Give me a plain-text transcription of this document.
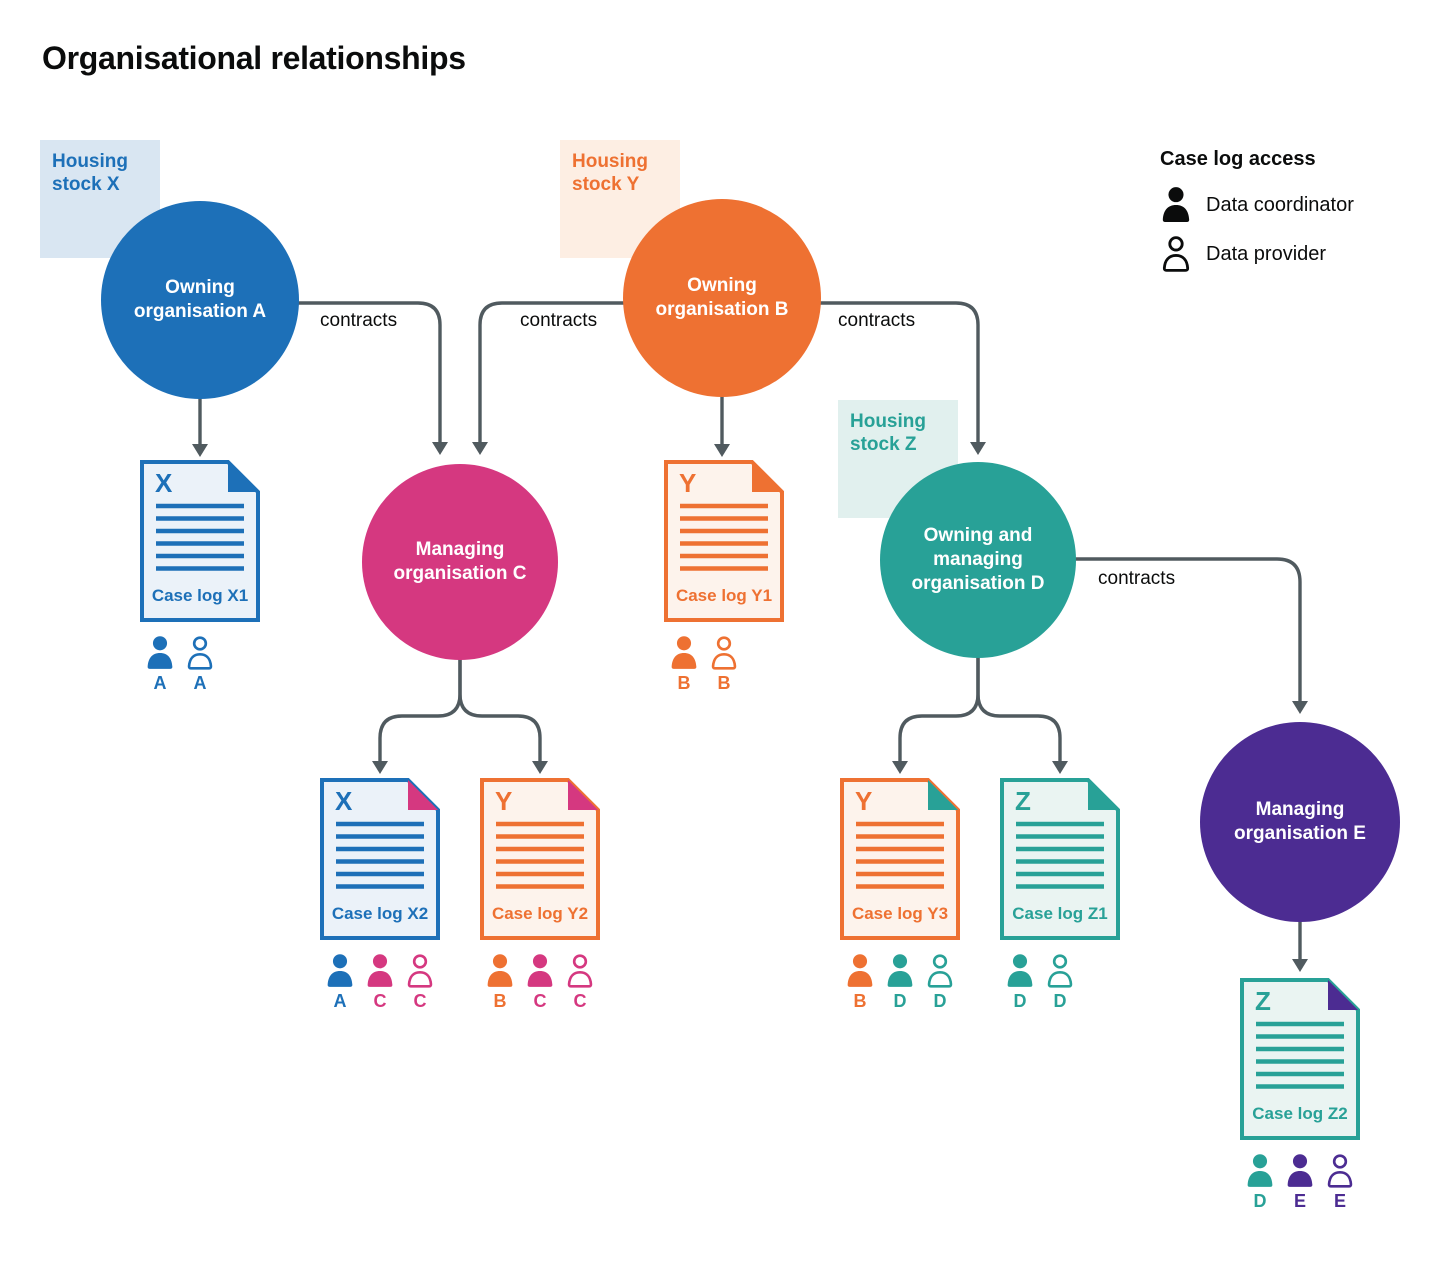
Organisational relationships
Housing stock X
Housing stock Y
Housing stock Z
Owning organisation A
Owning organisation B
Managing organisation C
Owning and managing organisation D
Managing organisation E
contracts	contracts	contracts
contracts

Case log access

Data coordinator
Data provider
X
Case log X1
Y
Case log Y1
X
Case log X2
Y
Case log Y2
Y
Case log Y3
Z
Case log Z1
Z
Case log Z2
A A	B B
A C C	B C C	B D D	D D
D E E
